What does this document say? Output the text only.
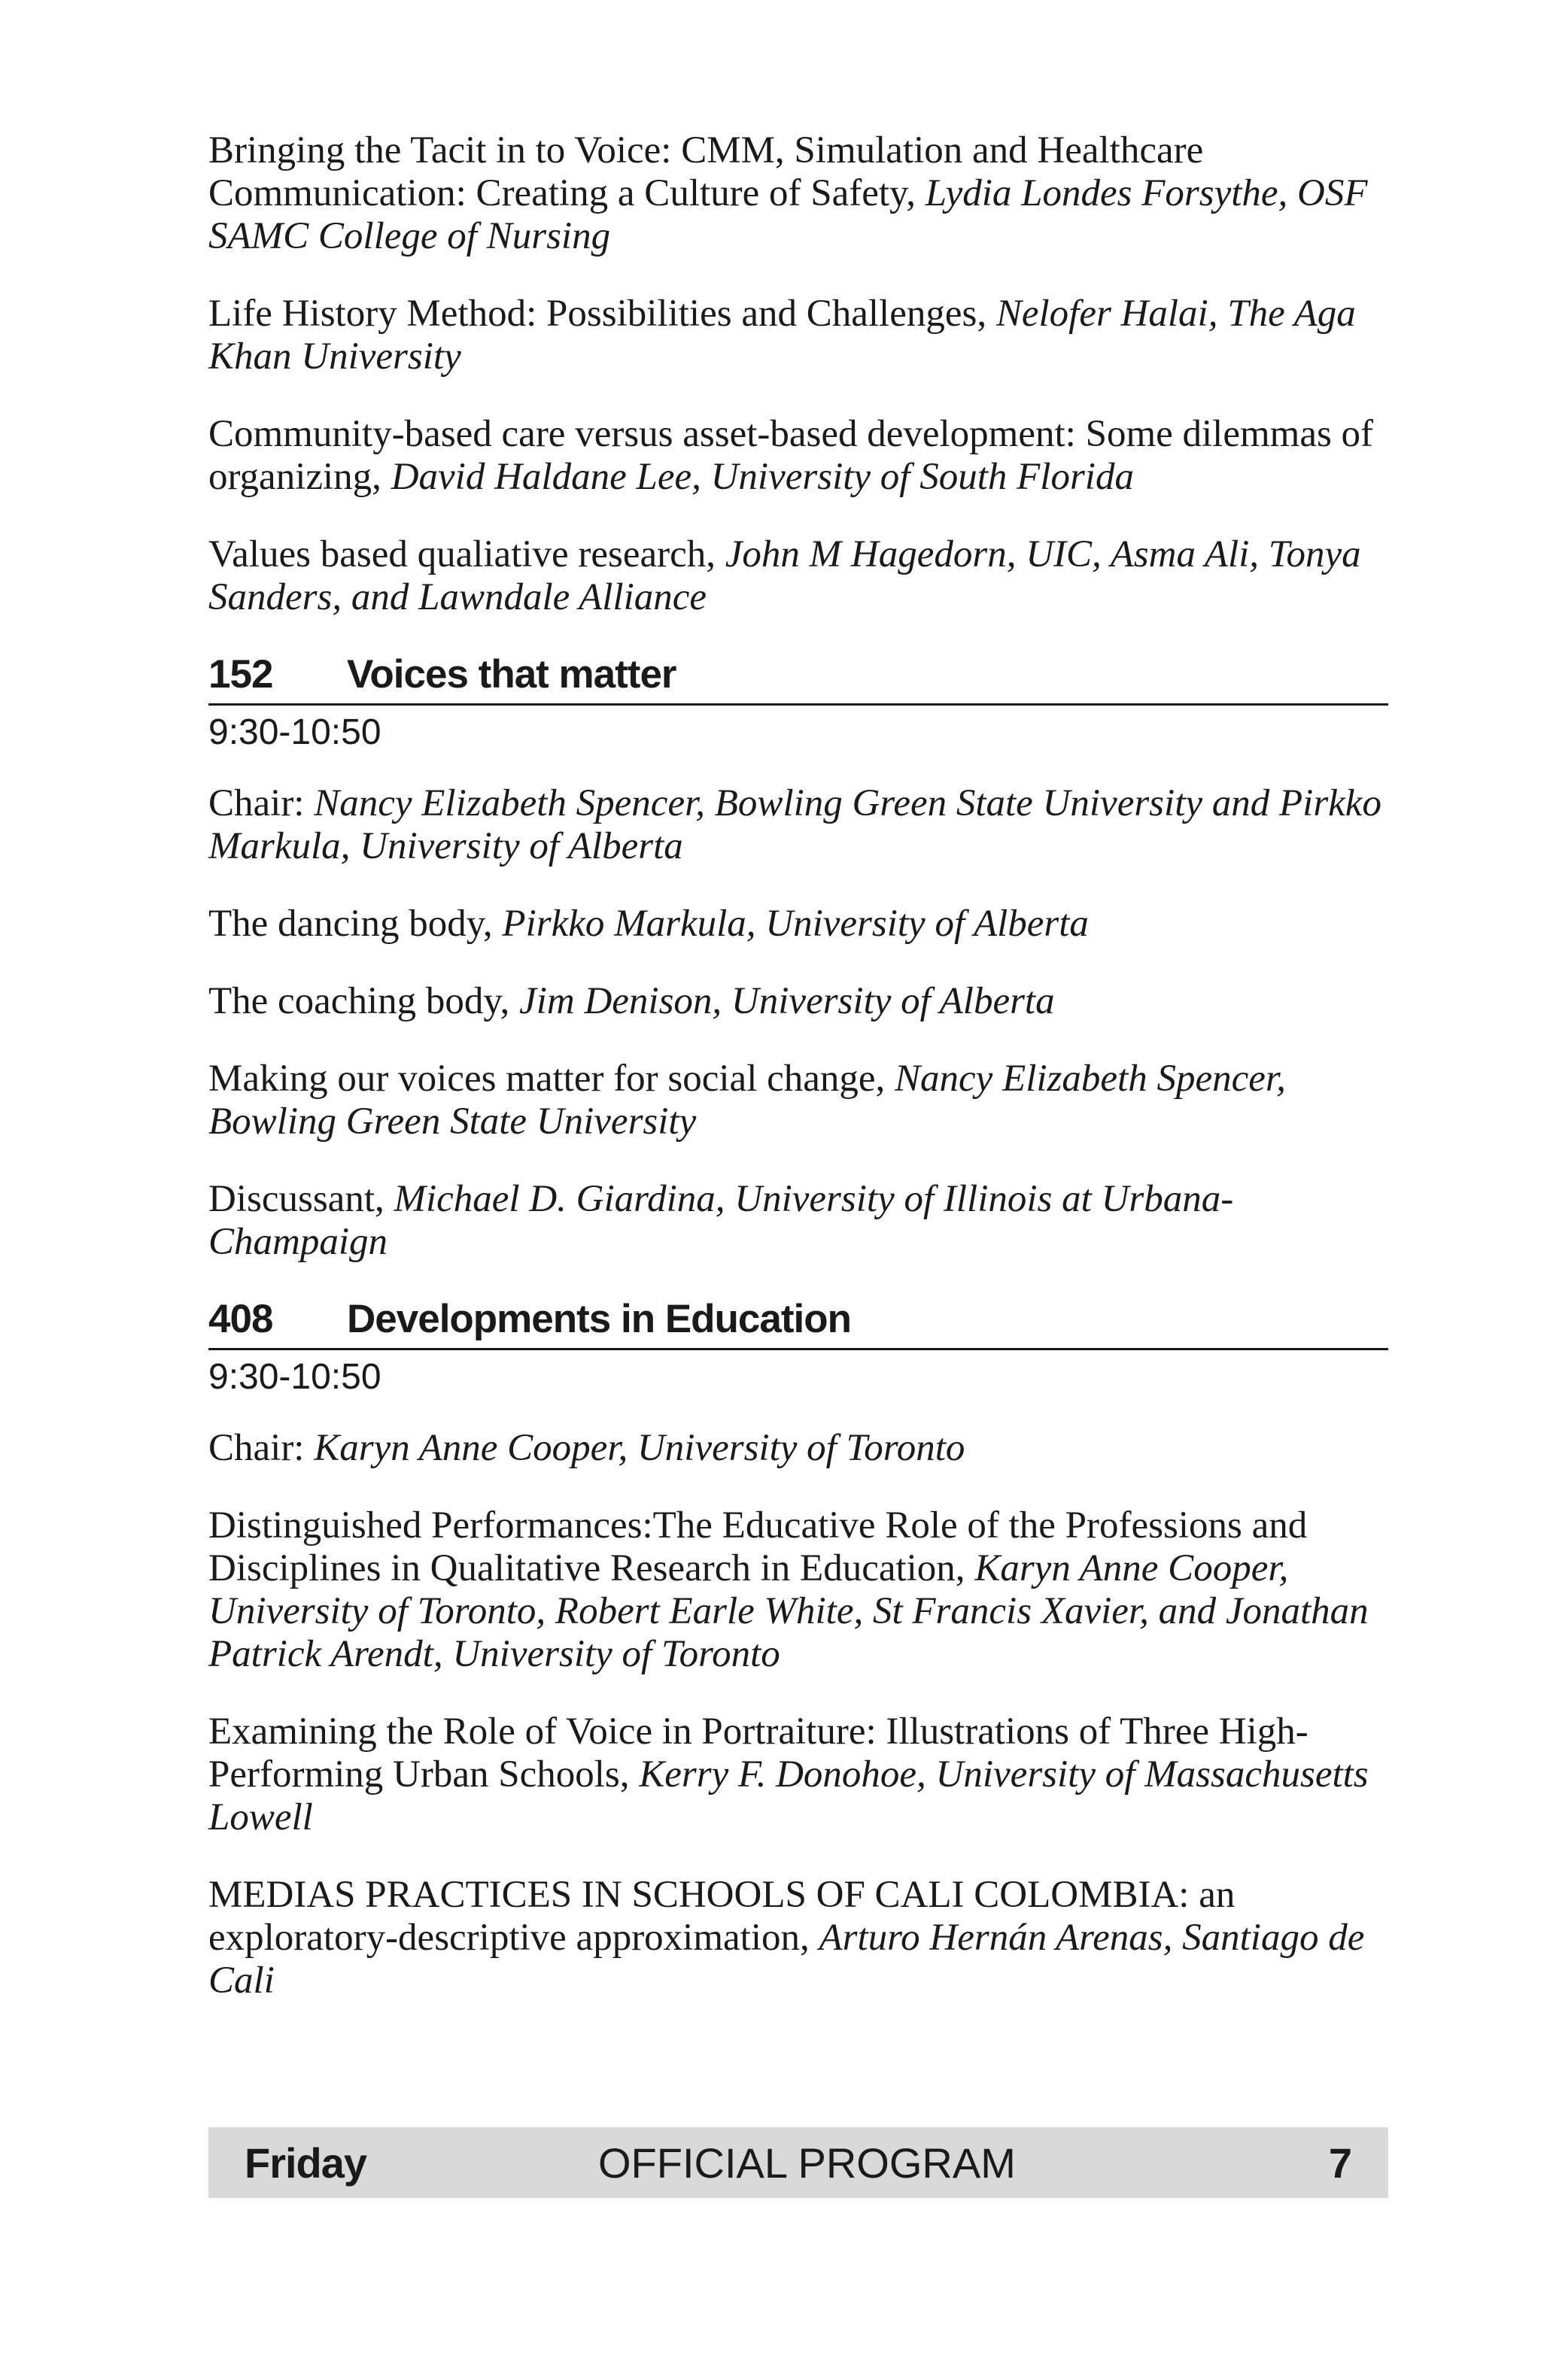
Bringing the Tacit in to Voice: CMM, Simulation and Healthcare Communication: Creating a Culture of Safety, Lydia Londes Forsythe, OSF SAMC College of Nursing
Life History Method: Possibilities and Challenges, Nelofer Halai, The Aga Khan University
Community-based care versus asset-based development: Some dilemmas of organizing, David Haldane Lee, University of South Florida
Values based qualiative research, John M Hagedorn, UIC, Asma Ali, Tonya Sanders, and Lawndale Alliance
152	Voices that matter
9:30-10:50
Chair: Nancy Elizabeth Spencer, Bowling Green State University and Pirkko Markula, University of Alberta
The dancing body, Pirkko Markula, University of Alberta
The coaching body, Jim Denison, University of Alberta
Making our voices matter for social change, Nancy Elizabeth Spencer, Bowling Green State University
Discussant, Michael D. Giardina, University of Illinois at Urbana-Champaign
408	Developments in Education
9:30-10:50
Chair: Karyn Anne Cooper, University of Toronto
Distinguished Performances:The Educative Role of the Professions and Disciplines in Qualitative Research in Education, Karyn Anne Cooper, University of Toronto, Robert Earle White, St Francis Xavier, and Jonathan Patrick Arendt, University of Toronto
Examining the Role of Voice in Portraiture: Illustrations of Three High-Performing Urban Schools, Kerry F. Donohoe, University of Massachusetts Lowell
MEDIAS PRACTICES IN SCHOOLS OF CALI COLOMBIA: an exploratory-descriptive approximation, Arturo Hernán Arenas, Santiago de Cali
Friday	OFFICIAL PROGRAM	7
